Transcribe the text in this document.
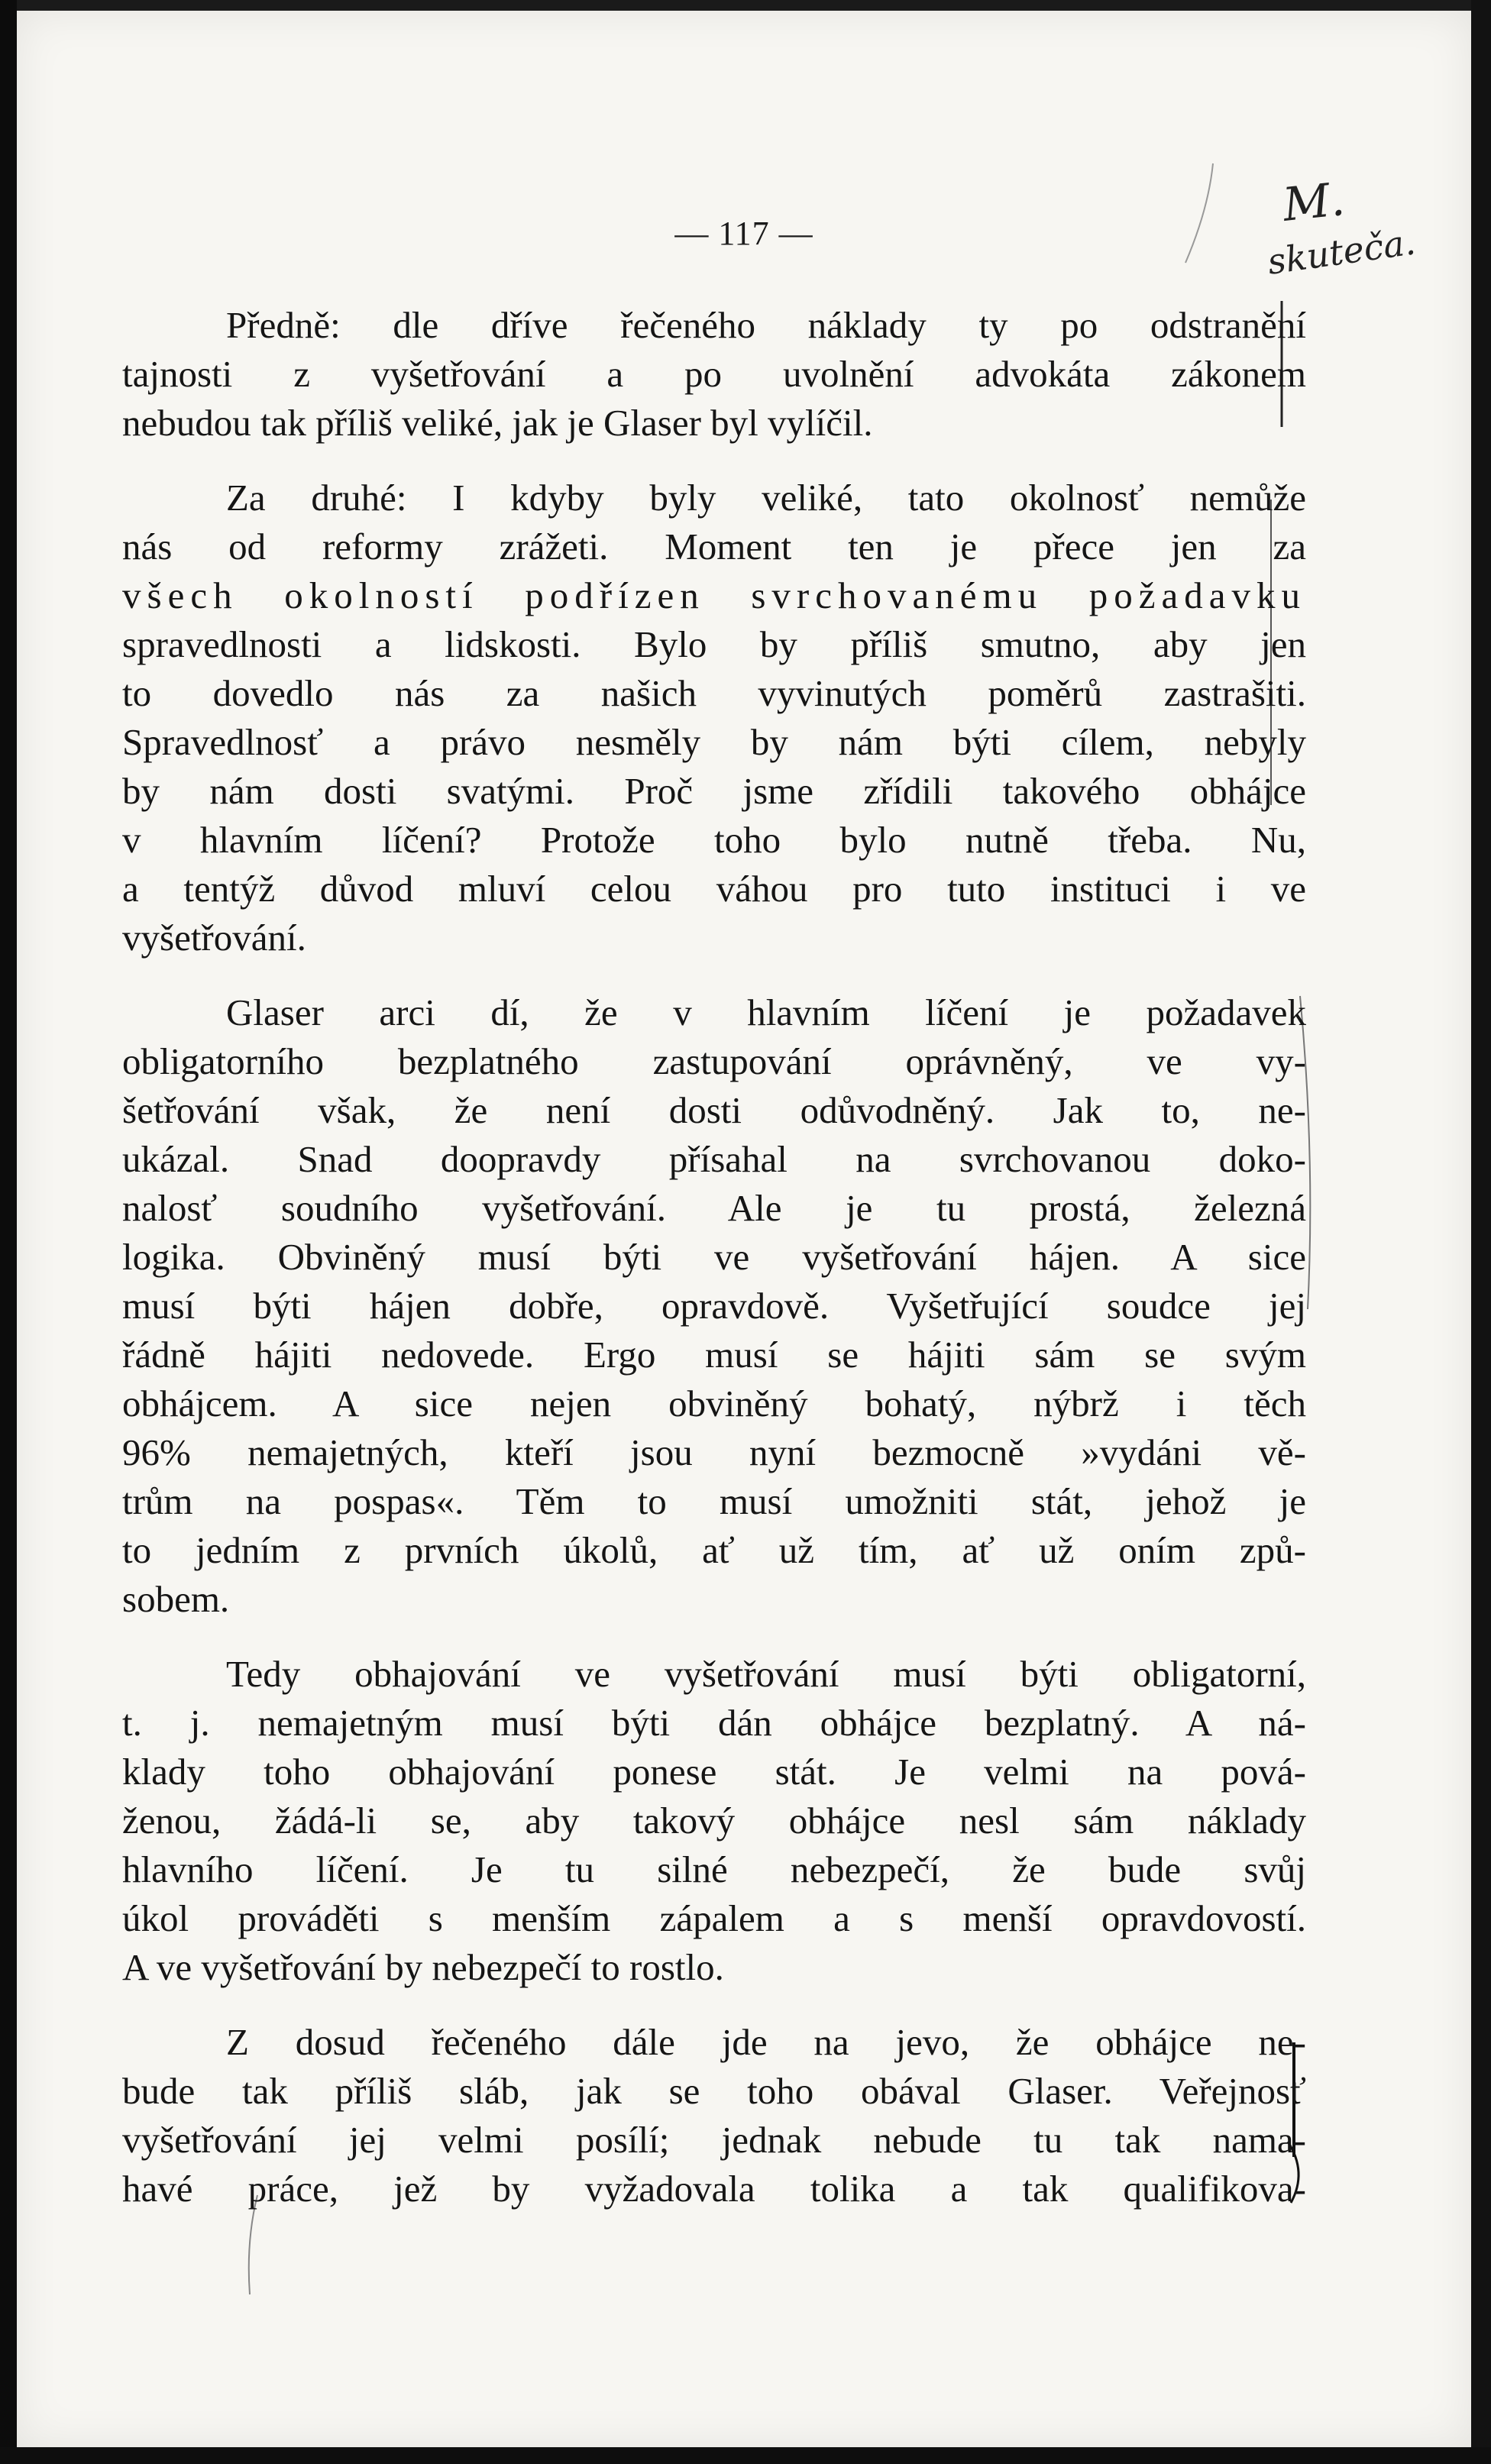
M.
skuteča.
— 117 —
Předně: dle dříve řečeného náklady ty po odstranění
tajnosti z vyšetřování a po uvolnění advokáta zákonem
nebudou tak příliš veliké, jak je Glaser byl vylíčil.
Za druhé: I kdyby byly veliké, tato okolnosť nemůže
nás od reformy zrážeti. Moment ten je přece jen za
všech okolností podřízen svrchovanému požadavku
spravedlnosti a lidskosti. Bylo by příliš smutno, aby jen
to dovedlo nás za našich vyvinutých poměrů zastrašiti.
Spravedlnosť a právo nesměly by nám býti cílem, nebyly
by nám dosti svatými. Proč jsme zřídili takového obhájce
v hlavním líčení? Protože toho bylo nutně třeba. Nu,
a tentýž důvod mluví celou váhou pro tuto instituci i ve
vyšetřování.
Glaser arci dí, že v hlavním líčení je požadavek
obligatorního bezplatného zastupování oprávněný, ve vy-
šetřování však, že není dosti odůvodněný. Jak to, ne-
ukázal. Snad doopravdy přísahal na svrchovanou doko-
nalosť soudního vyšetřování. Ale je tu prostá, železná
logika. Obviněný musí býti ve vyšetřování hájen. A sice
musí býti hájen dobře, opravdově. Vyšetřující soudce jej
řádně hájiti nedovede. Ergo musí se hájiti sám se svým
obhájcem. A sice nejen obviněný bohatý, nýbrž i těch
96% nemajetných, kteří jsou nyní bezmocně »vydáni vě-
trům na pospas«. Těm to musí umožniti stát, jehož je
to jedním z prvních úkolů, ať už tím, ať už oním způ-
sobem.
Tedy obhajování ve vyšetřování musí býti obligatorní,
t. j. nemajetným musí býti dán obhájce bezplatný. A ná-
klady toho obhajování ponese stát. Je velmi na pová-
ženou, žádá-li se, aby takový obhájce nesl sám náklady
hlavního líčení. Je tu silné nebezpečí, že bude svůj
úkol prováděti s menším zápalem a s menší opravdovostí.
A ve vyšetřování by nebezpečí to rostlo.
Z dosud řečeného dále jde na jevo, že obhájce ne-
bude tak příliš sláb, jak se toho obával Glaser. Veřejnosť
vyšetřování jej velmi posílí; jednak nebude tu tak nama-
havé práce, jež by vyžadovala tolika a tak qualifikova-
